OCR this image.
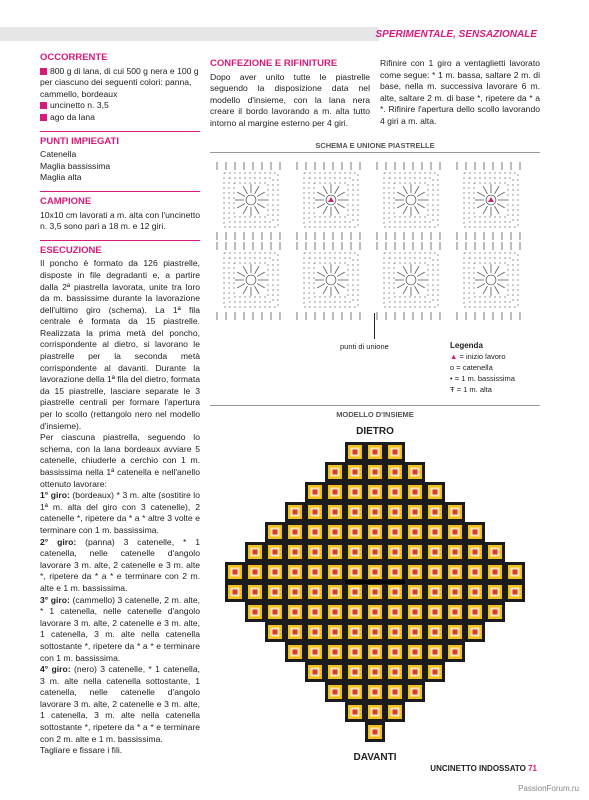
SPERIMENTALE, SENSAZIONALE
OCCORRENTE
800 g di lana, di cui 500 g nera e 100 g per ciascuno dei seguenti colori: panna, cammello, bordeaux
uncinetto n. 3,5
ago da lana
PUNTI IMPIEGATI
Catenella
Maglia bassissima
Maglia alta
CAMPIONE
10x10 cm lavorati a m. alta con l'uncinetto n. 3,5 sono pari a 18 m. e 12 giri.
ESECUZIONE
Il poncho è formato da 126 piastrelle, disposte in file degradanti e, a partire dalla 2ª piastrella lavorata, unite tra loro da m. bassissime durante la lavorazione dell'ultimo giro (schema). La 1ª fila centrale è formata da 15 piastrelle. Realizzata la prima metà del poncho, corrispondente al dietro, si lavorano le piastrelle per la seconda metà corrispondente al davanti. Durante la lavorazione della 1ª fila del dietro, formata da 15 piastrelle, lasciare separate le 3 piastrelle centrali per formare l'apertura per lo scollo (rettangolo nero nel modello d'insieme).
Per ciascuna piastrella, seguendo lo schema, con la lana bordeaux avviare 5 catenelle, chiuderle a cerchio con 1 m. bassissima nella 1ª catenella e nell'anello ottenuto lavorare:
1° giro: (bordeaux) * 3 m. alte (sostitire lo 1ª m. alta del giro con 3 catenelle), 2 catenelle *, ripetere da * a * altre 3 volte e terminare con 1 m. bassissima.
2° giro: (panna) 3 catenelle, * 1 catenella, nelle catenelle d'angolo lavorare 3 m. alte, 2 catenelle e 3 m. alte *, ripetere da * a * e terminare con 2 m. alte e 1 m. bassissima.
3° giro: (cammello) 3 catenelle, 2 m. alte, * 1 catenella, nelle catenelle d'angolo lavorare 3 m. alte, 2 catenelle e 3 m. alte, 1 catenella, 3 m. alte nella catenella sottostante *, ripetere da * a * e terminare con 1 m. bassissima.
4° giro: (nero) 3 catenelle, * 1 catenella, 3 m. alte nella catenella sottostante, 1 catenella, nelle catenelle d'angolo lavorare 3 m. alte, 2 catenelle e 3 m. alte, 1 catenella, 3 m. alte nella catenella sottostante *, ripetere da * a * e terminare con 2 m. alte e 1 m. bassissima.
Tagliare e fissare i fili.
CONFEZIONE E RIFINITURE
Dopo aver unito tutte le piastrelle seguendo la disposizione data nel modello d'insieme, con la lana nera creare il bordo lavorando a m. alta tutto intorno al margine esterno per 4 giri.
Rifinire con 1 giro a ventaglietti lavorato come segue: * 1 m. bassa, saltare 2 m. di base, nella m. successiva lavorare 6 m. alte, saltare 2 m. di base *, ripetere da * a *. Rifinire l'apertura dello scollo lavorando 4 giri a m. alta.
SCHEMA E UNIONE PIASTRELLE
punti di unione	Legenda
▲ = inizio lavoro
o = catenella
• = 1 m. bassissima
Ŧ = 1 m. alta
MODELLO D'INSIEME
DIETRO
DAVANTI
UNCINETTO INDOSSATO 71
PassionForum.ru
